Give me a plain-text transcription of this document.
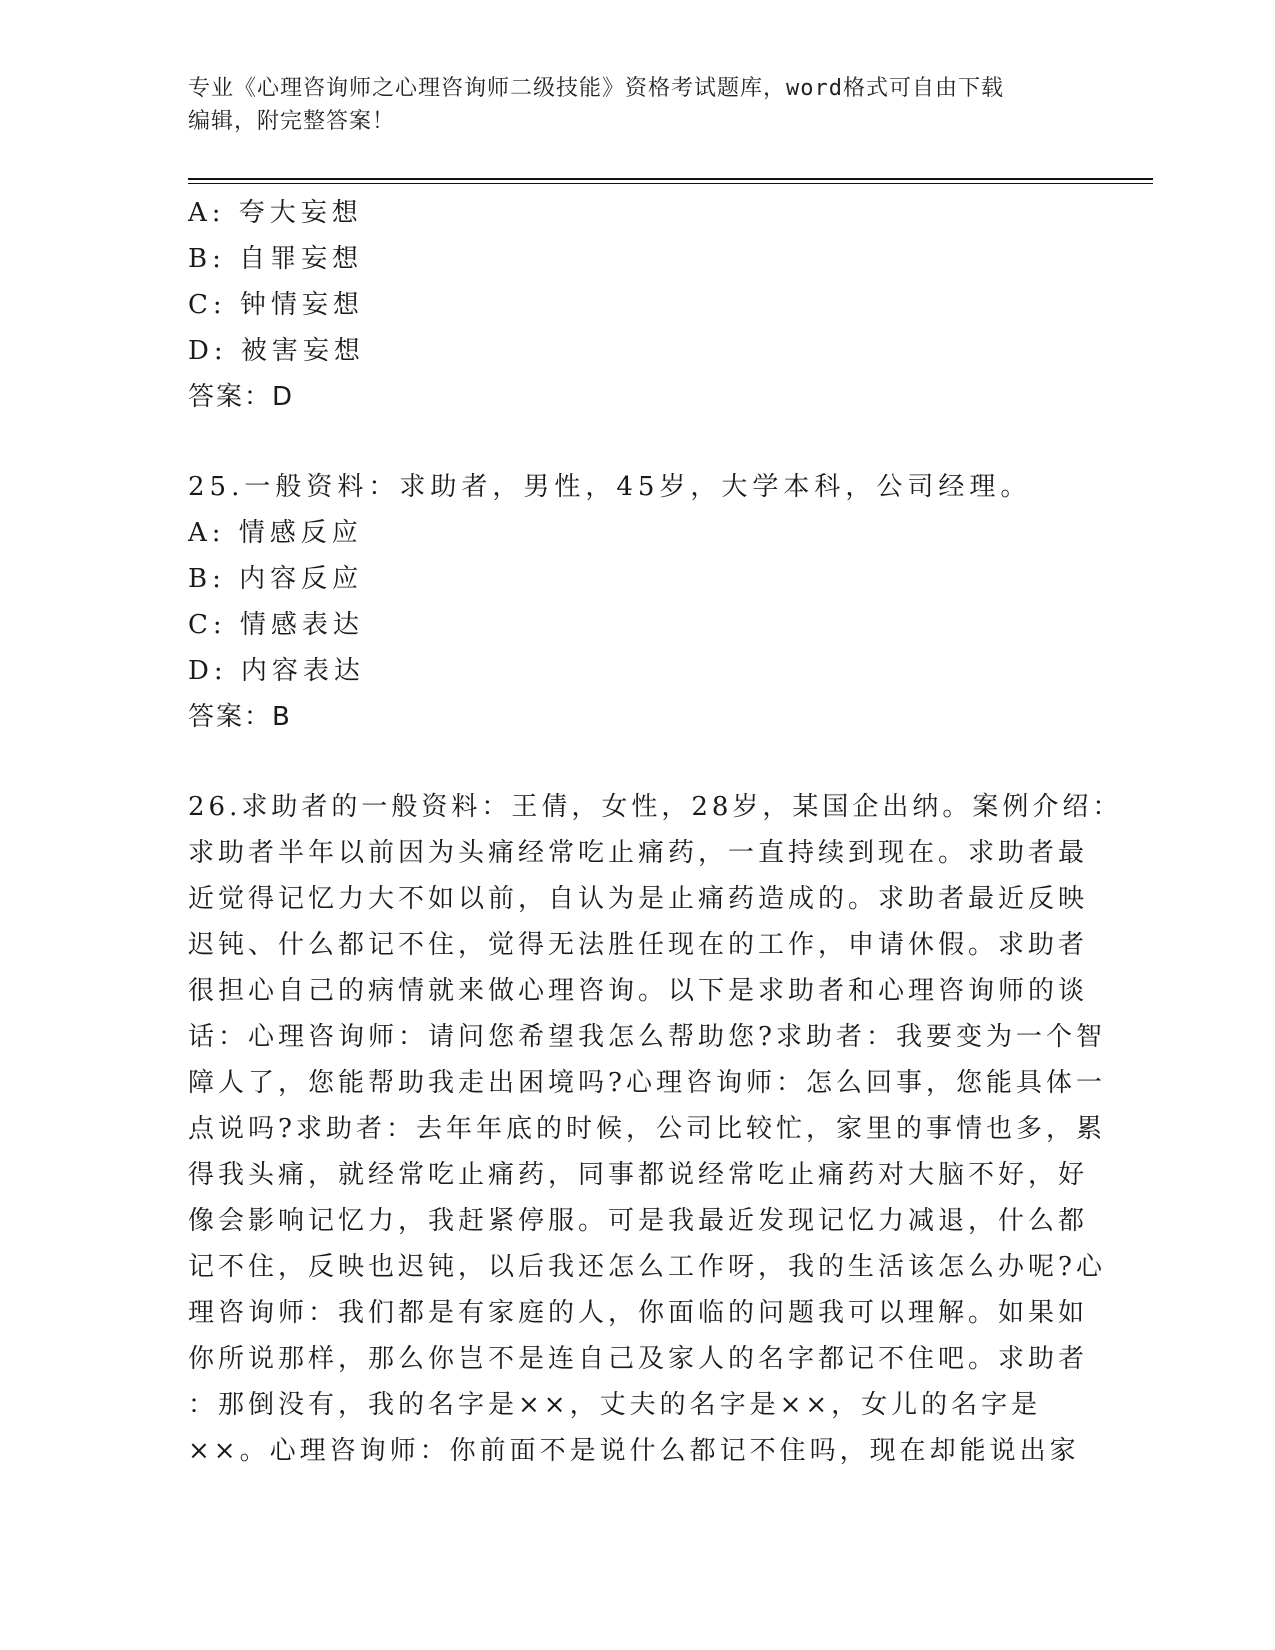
专业《心理咨询师之心理咨询师二级技能》资格考试题库，word格式可自由下载
编辑，附完整答案！
A: 夸大妄想
B: 自罪妄想
C: 钟情妄想
D: 被害妄想
答案：D
25.一般资料：求助者，男性，45岁，大学本科，公司经理。
A: 情感反应
B: 内容反应
C: 情感表达
D: 内容表达
答案：B
26.求助者的一般资料：王倩，女性，28岁，某国企出纳。案例介绍：
求助者半年以前因为头痛经常吃止痛药，一直持续到现在。求助者最
近觉得记忆力大不如以前，自认为是止痛药造成的。求助者最近反映
迟钝、什么都记不住，觉得无法胜任现在的工作，申请休假。求助者
很担心自己的病情就来做心理咨询。以下是求助者和心理咨询师的谈
话：心理咨询师：请问您希望我怎么帮助您?求助者：我要变为一个智
障人了，您能帮助我走出困境吗?心理咨询师：怎么回事，您能具体一
点说吗?求助者：去年年底的时候，公司比较忙，家里的事情也多，累
得我头痛，就经常吃止痛药，同事都说经常吃止痛药对大脑不好，好
像会影响记忆力，我赶紧停服。可是我最近发现记忆力减退，什么都
记不住，反映也迟钝，以后我还怎么工作呀，我的生活该怎么办呢?心
理咨询师：我们都是有家庭的人，你面临的问题我可以理解。如果如
你所说那样，那么你岂不是连自己及家人的名字都记不住吧。求助者
：那倒没有，我的名字是××，丈夫的名字是××，女儿的名字是
××。心理咨询师：你前面不是说什么都记不住吗，现在却能说出家
